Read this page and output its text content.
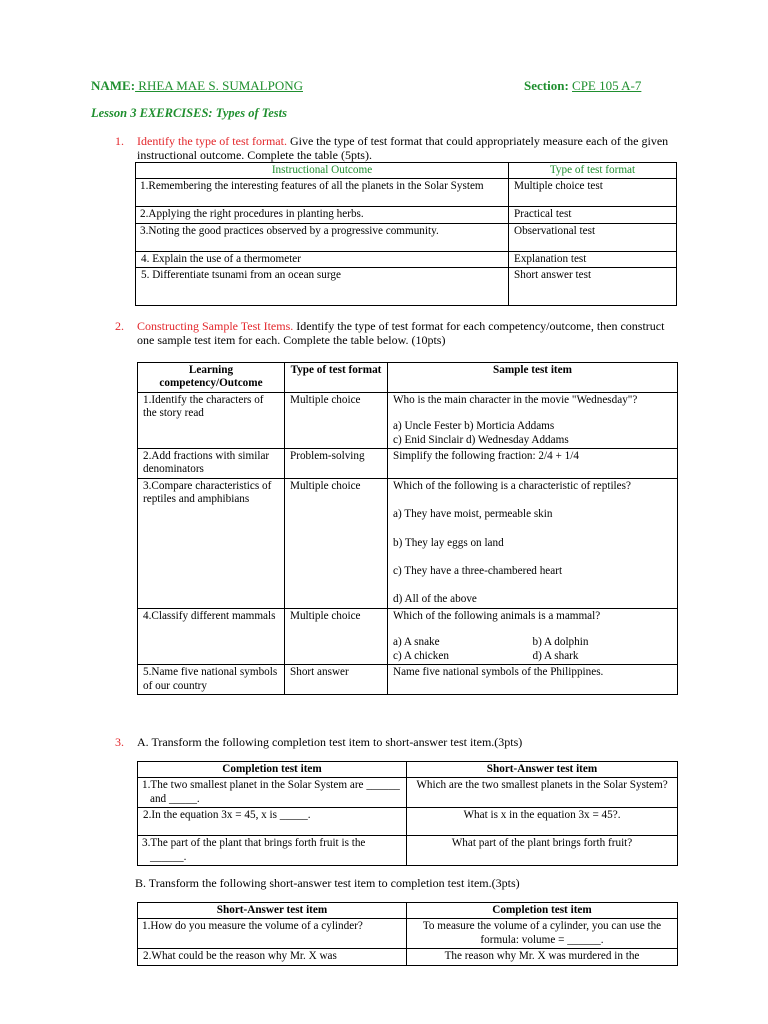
NAME: RHEA MAE S. SUMALPONG	Section: CPE 105 A-7
Lesson 3 EXERCISES: Types of Tests
1. Identify the type of test format. Give the type of test format that could appropriately measure each of the given instructional outcome. Complete the table (5pts).
Instructional Outcome	Type of test format
1.Remembering the interesting features of all the planets in the Solar System	Multiple choice test
2.Applying the right procedures in planting herbs.	Practical test
3.Noting the good practices observed by a progressive community.	Observational test
4. Explain the use of a thermometer	Explanation test
5. Differentiate tsunami from an ocean surge	Short answer test
2. Constructing Sample Test Items. Identify the type of test format for each competency/outcome, then construct one sample test item for each. Complete the table below. (10pts)
Learning competency/Outcome	Type of test format	Sample test item
1.Identify the characters of the story read	Multiple choice	Who is the main character in the movie "Wednesday"?
a) Uncle Fester b) Morticia Addams
c) Enid Sinclair d) Wednesday Addams

2.Add fractions with similar denominators	Problem-solving	Simplify the following fraction: 2/4 + 1/4
3.Compare characteristics of reptiles and amphibians	Multiple choice	Which of the following is a characteristic of reptiles?
a) They have moist, permeable skin
b) They lay eggs on land
c) They have a three-chambered heart
d) All of the above

4.Classify different mammals	Multiple choice	Which of the following animals is a mammal?
a) A snake b) A dolphin
c) A chicken d) A shark

5.Name five national symbols of our country	Short answer	Name five national symbols of the Philippines.
3. A. Transform the following completion test item to short-answer test item.(3pts)
Completion test item	Short-Answer test item
1.The two smallest planet in the Solar System are ______ and _____.	Which are the two smallest planets in the Solar System?
2.In the equation 3x = 45, x is _____.	What is x in the equation 3x = 45?.
3.The part of the plant that brings forth fruit is the ______.	What part of the plant brings forth fruit?
B. Transform the following short-answer test item to completion test item.(3pts)
Short-Answer test item	Completion test item
1.How do you measure the volume of a cylinder?	To measure the volume of a cylinder, you can use the formula: volume = ______.
2.What could be the reason why Mr. X was	The reason why Mr. X was murdered in the
